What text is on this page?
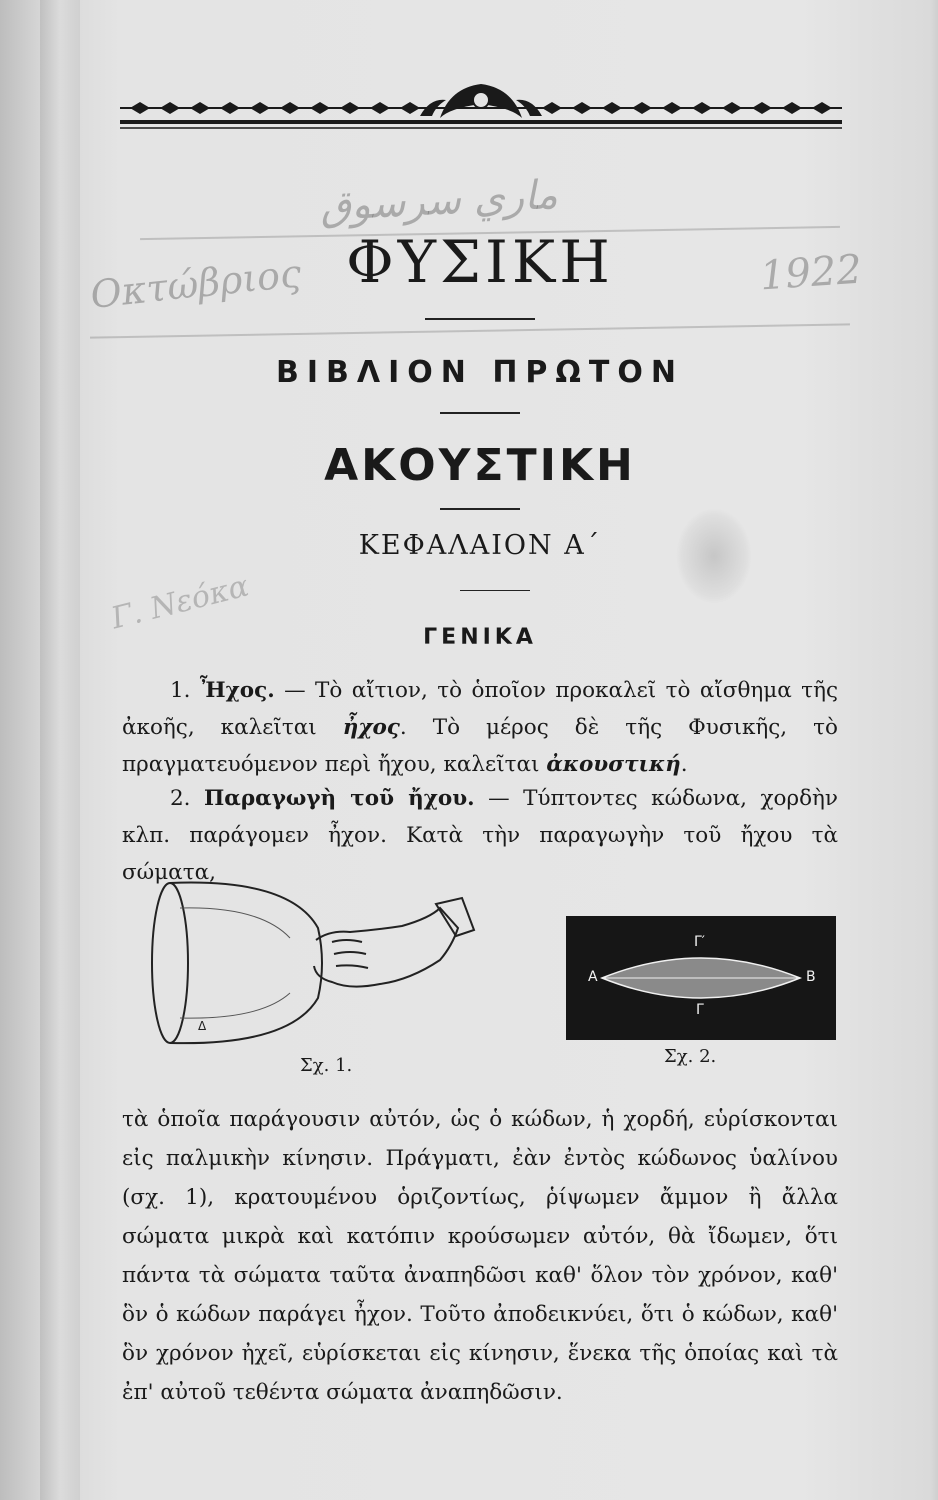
ماري سرسوق
Οκτώβριος	1922
Γ. Νεόκα
ΦΥΣΙΚΗ
ΒΙΒΛΙΟΝ ΠΡΩΤΟΝ
ΑΚΟΥΣΤΙΚΗ
ΚΕΦΑΛΑΙΟΝ Α΄
ΓΕΝΙΚΑ

1. Ἦχος. — Τὸ αἴτιον, τὸ ὁποῖον προκαλεῖ τὸ αἴσθημα τῆς ἀκοῆς, καλεῖται ἦχος. Τὸ μέρος δὲ τῆς Φυσικῆς, τὸ πραγματευόμενον περὶ ἤχου, καλεῖται ἀκουστική.

2. Παραγωγὴ τοῦ ἤχου. — Τύπτοντες κώδωνα, χορδὴν κλπ. παράγομεν ἦχον. Κατὰ τὴν παραγωγὴν τοῦ ἤχου τὰ σώματα,

Δ
Σχ. 1.
Α	Β
Γ′
Γ
Σχ. 2.

τὰ ὁποῖα παράγουσιν αὐτόν, ὡς ὁ κώδων, ἡ χορδή, εὑρίσκονται εἰς παλμικὴν κίνησιν. Πράγματι, ἐὰν ἐντὸς κώδωνος ὑαλίνου (σχ. 1), κρατουμένου ὁριζοντίως, ῥίψωμεν ἄμμον ἢ ἄλλα σώματα μικρὰ καὶ κατόπιν κρούσωμεν αὐτόν, θὰ ἴδωμεν, ὅτι πάντα τὰ σώματα ταῦτα ἀναπηδῶσι καθ' ὅλον τὸν χρόνον, καθ' ὃν ὁ κώδων παράγει ἦχον. Τοῦτο ἀποδεικνύει, ὅτι ὁ κώδων, καθ' ὃν χρόνον ἠχεῖ, εὑρίσκεται εἰς κίνησιν, ἕνεκα τῆς ὁποίας καὶ τὰ ἐπ' αὐτοῦ τεθέντα σώματα ἀναπηδῶσιν.
